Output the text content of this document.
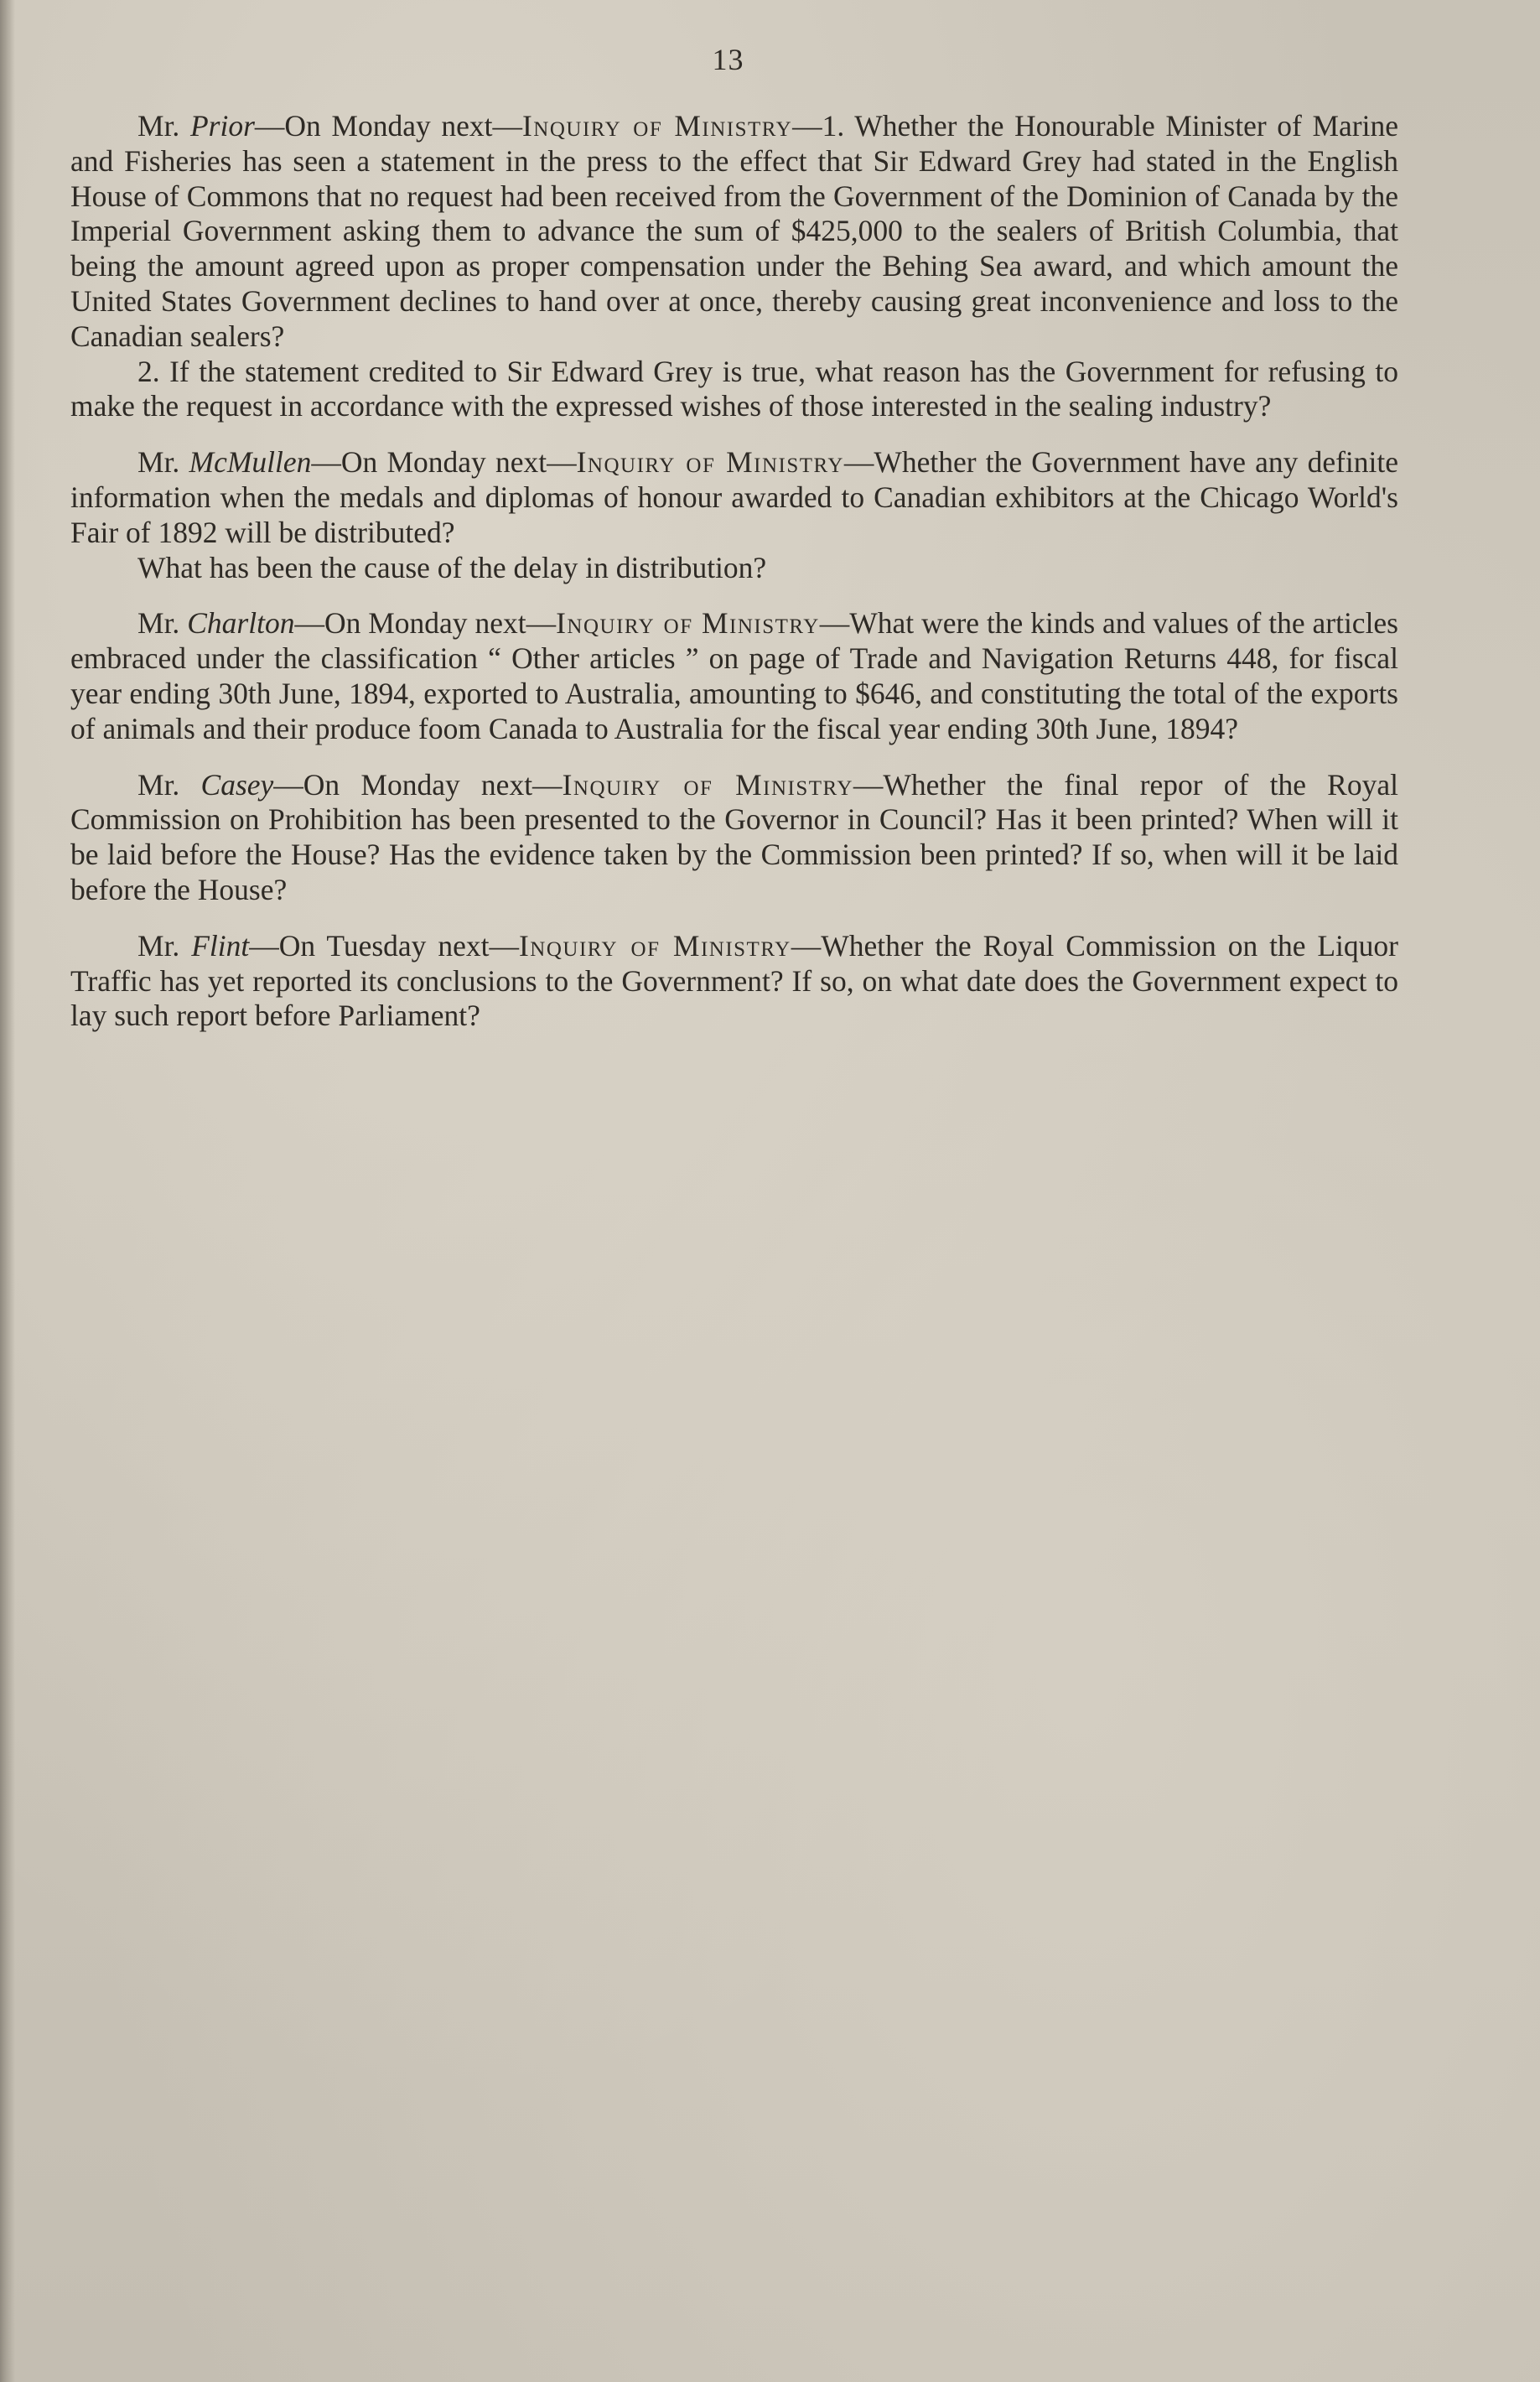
13

Mr. Prior—On Monday next—Inquiry of Ministry—1. Whether the Honourable Minister of Marine and Fisheries has seen a statement in the press to the effect that Sir Edward Grey had stated in the English House of Commons that no request had been received from the Government of the Dominion of Canada by the Imperial Government asking them to advance the sum of $425,000 to the sealers of British Columbia, that being the amount agreed upon as proper compensation under the Behing Sea award, and which amount the United States Government declines to hand over at once, thereby causing great inconvenience and loss to the Canadian sealers?

2. If the statement credited to Sir Edward Grey is true, what reason has the Government for refusing to make the request in accordance with the expressed wishes of those interested in the sealing industry?

Mr. McMullen—On Monday next—Inquiry of Ministry—Whether the Government have any definite information when the medals and diplomas of honour awarded to Canadian exhibitors at the Chicago World's Fair of 1892 will be distributed?

What has been the cause of the delay in distribution?

Mr. Charlton—On Monday next—Inquiry of Ministry—What were the kinds and values of the articles embraced under the classification “ Other articles ” on page of Trade and Navigation Returns 448, for fiscal year ending 30th June, 1894, exported to Australia, amounting to $646, and constituting the total of the exports of animals and their produce foom Canada to Australia for the fiscal year ending 30th June, 1894?

Mr. Casey—On Monday next—Inquiry of Ministry—Whether the final repor of the Royal Commission on Prohibition has been presented to the Governor in Council? Has it been printed? When will it be laid before the House? Has the evidence taken by the Commission been printed? If so, when will it be laid before the House?

Mr. Flint—On Tuesday next—Inquiry of Ministry—Whether the Royal Commission on the Liquor Traffic has yet reported its conclusions to the Government? If so, on what date does the Government expect to lay such report before Parliament?
